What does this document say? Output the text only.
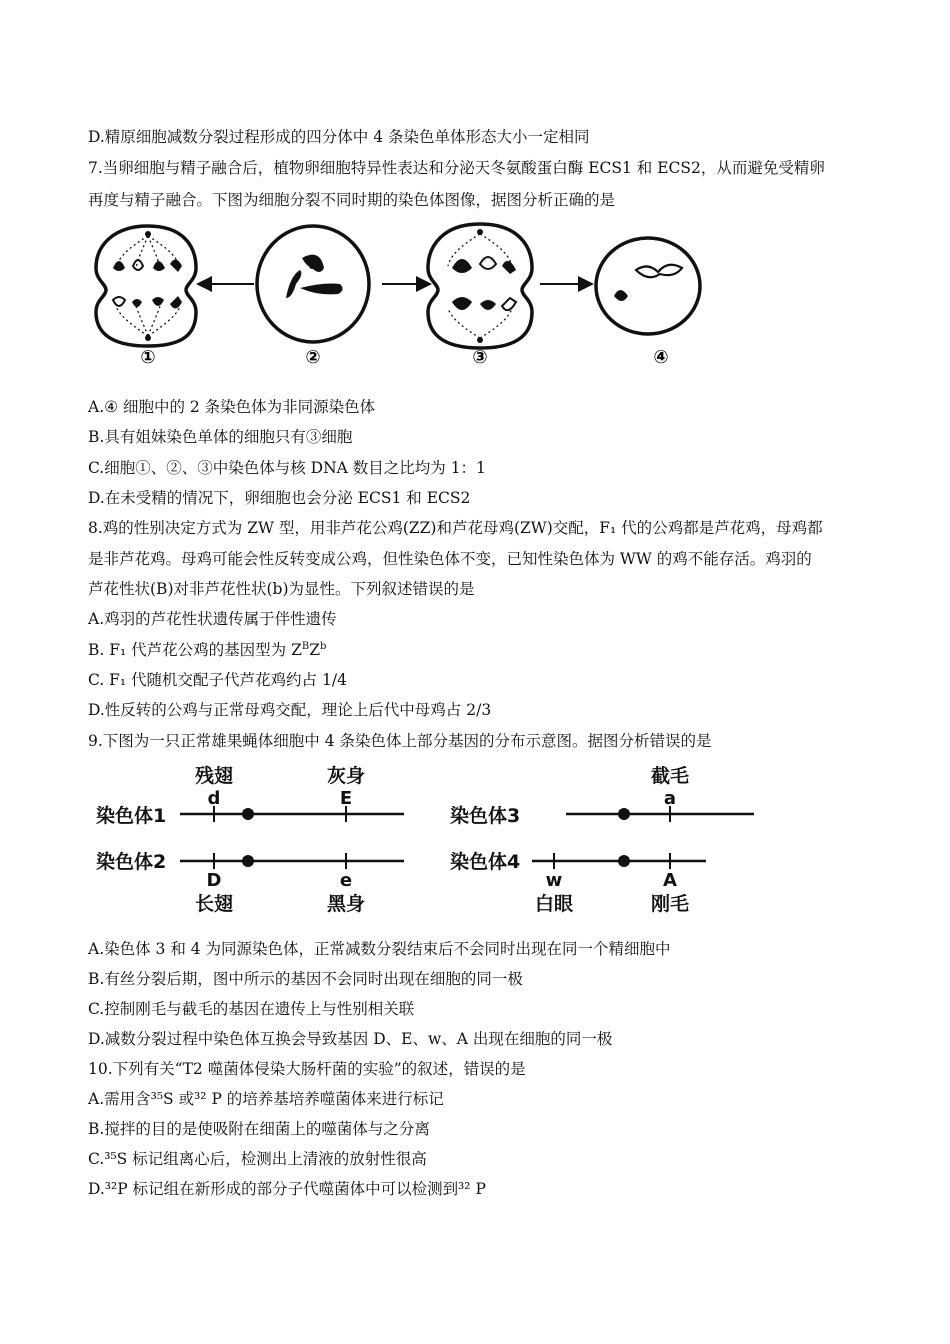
D.精原细胞减数分裂过程形成的四分体中 4 条染色单体形态大小一定相同
7.当卵细胞与精子融合后，植物卵细胞特异性表达和分泌天冬氨酸蛋白酶 ECS1 和 ECS2，从而避免受精卵
再度与精子融合。下图为细胞分裂不同时期的染色体图像，据图分析正确的是
①	②	③	④
A.④ 细胞中的 2 条染色体为非同源染色体
B.具有姐妹染色单体的细胞只有③细胞
C.细胞①、②、③中染色体与核 DNA 数目之比均为 1：1
D.在未受精的情况下，卵细胞也会分泌 ECS1 和 ECS2
8.鸡的性别决定方式为 ZW 型，用非芦花公鸡(ZZ)和芦花母鸡(ZW)交配，F₁ 代的公鸡都是芦花鸡，母鸡都
是非芦花鸡。母鸡可能会性反转变成公鸡，但性染色体不变，已知性染色体为 WW 的鸡不能存活。鸡羽的
芦花性状(B)对非芦花性状(b)为显性。下列叙述错误的是
A.鸡羽的芦花性状遗传属于伴性遗传
B. F₁ 代芦花公鸡的基因型为 $Z^BZ^b$
C. F₁ 代随机交配子代芦花鸡约占 1/4
D.性反转的公鸡与正常母鸡交配，理论上后代中母鸡占 2/3
9.下图为一只正常雄果蝇体细胞中 4 条染色体上部分基因的分布示意图。据图分析错误的是
染色体1
残翅
d
灰身
E
染色体2
D
长翅
e
黑身
染色体3
截毛
a
染色体4
w
白眼
A
刚毛
A.染色体 3 和 4 为同源染色体，正常减数分裂结束后不会同时出现在同一个精细胞中
B.有丝分裂后期，图中所示的基因不会同时出现在细胞的同一极
C.控制刚毛与截毛的基因在遗传上与性别相关联
D.减数分裂过程中染色体互换会导致基因 D、E、w、A 出现在细胞的同一极
10.下列有关“T2 噬菌体侵染大肠杆菌的实验”的叙述，错误的是
A.需用含³⁵S 或³² P 的培养基培养噬菌体来进行标记
B.搅拌的目的是使吸附在细菌上的噬菌体与之分离
C.³⁵S 标记组离心后，检测出上清液的放射性很高
D.³²P 标记组在新形成的部分子代噬菌体中可以检测到³² P
